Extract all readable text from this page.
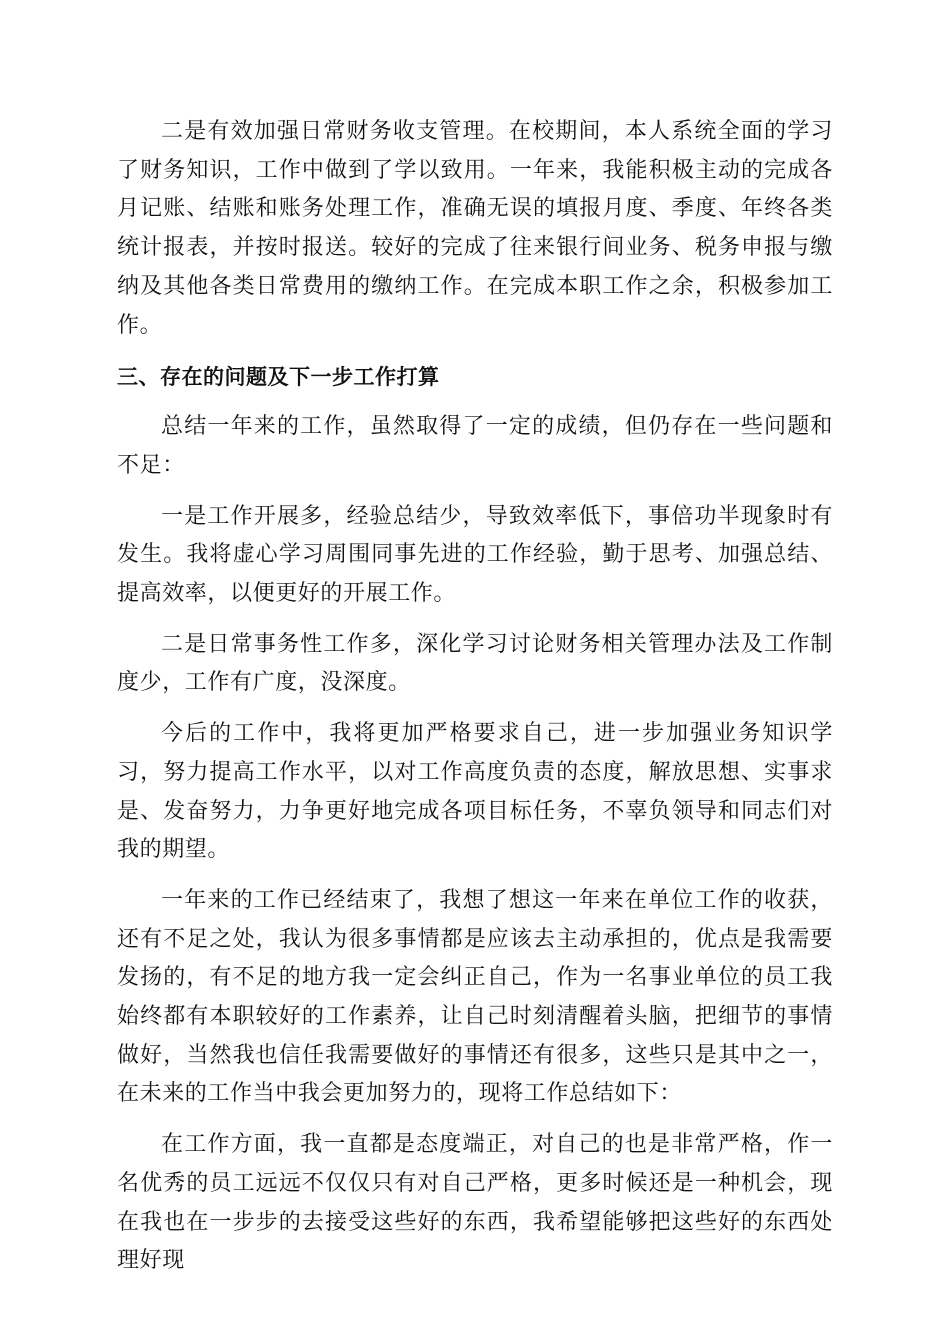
二是有效加强日常财务收支管理。在校期间，本人系统全面的学习了财务知识，工作中做到了学以致用。一年来，我能积极主动的完成各月记账、结账和账务处理工作，准确无误的填报月度、季度、年终各类统计报表，并按时报送。较好的完成了往来银行间业务、税务申报与缴纳及其他各类日常费用的缴纳工作。在完成本职工作之余，积极参加工作。

三、存在的问题及下一步工作打算

总结一年来的工作，虽然取得了一定的成绩，但仍存在一些问题和不足：

一是工作开展多，经验总结少，导致效率低下，事倍功半现象时有发生。我将虚心学习周围同事先进的工作经验，勤于思考、加强总结、提高效率，以便更好的开展工作。

二是日常事务性工作多，深化学习讨论财务相关管理办法及工作制度少，工作有广度，没深度。

今后的工作中，我将更加严格要求自己，进一步加强业务知识学习，努力提高工作水平，以对工作高度负责的态度，解放思想、实事求是、发奋努力，力争更好地完成各项目标任务，不辜负领导和同志们对我的期望。

一年来的工作已经结束了，我想了想这一年来在单位工作的收获，还有不足之处，我认为很多事情都是应该去主动承担的，优点是我需要发扬的，有不足的地方我一定会纠正自己，作为一名事业单位的员工我始终都有本职较好的工作素养，让自己时刻清醒着头脑，把细节的事情做好，当然我也信任我需要做好的事情还有很多，这些只是其中之一，在未来的工作当中我会更加努力的，现将工作总结如下：

在工作方面，我一直都是态度端正，对自己的也是非常严格，作一名优秀的员工远远不仅仅只有对自己严格，更多时候还是一种机会，现在我也在一步步的去接受这些好的东西，我希望能够把这些好的东西处理好现
